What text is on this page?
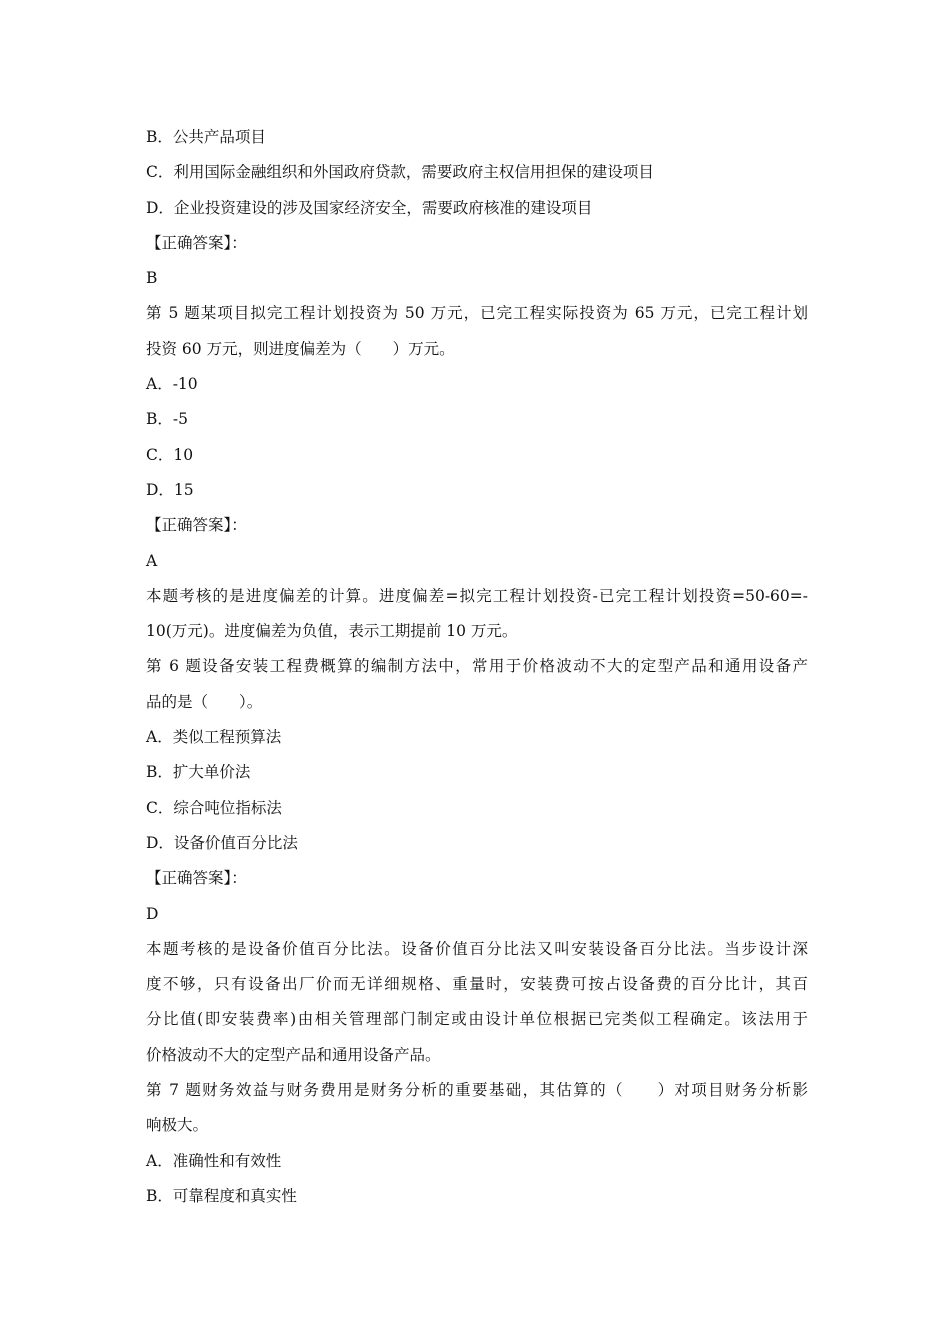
B．公共产品项目
C．利用国际金融组织和外国政府贷款，需要政府主权信用担保的建设项目
D．企业投资建设的涉及国家经济安全，需要政府核准的建设项目
【正确答案】：
B
第 5 题某项目拟完工程计划投资为 50 万元，已完工程实际投资为 65 万元，已完工程计划
投资 60 万元，则进度偏差为（　　）万元。
A．-10
B．-5
C．10
D．15
【正确答案】：
A
本题考核的是进度偏差的计算。进度偏差=拟完工程计划投资-已完工程计划投资=50-60=-
10(万元)。进度偏差为负值，表示工期提前 10 万元。
第 6 题设备安装工程费概算的编制方法中，常用于价格波动不大的定型产品和通用设备产
品的是（　　）。
A．类似工程预算法
B．扩大单价法
C．综合吨位指标法
D．设备价值百分比法
【正确答案】：
D
本题考核的是设备价值百分比法。设备价值百分比法又叫安装设备百分比法。当步设计深
度不够，只有设备出厂价而无详细规格、重量时，安装费可按占设备费的百分比计，其百
分比值(即安装费率)由相关管理部门制定或由设计单位根据已完类似工程确定。该法用于
价格波动不大的定型产品和通用设备产品。
第 7 题财务效益与财务费用是财务分析的重要基础，其估算的（　　）对项目财务分析影
响极大。
A．准确性和有效性
B．可靠程度和真实性
